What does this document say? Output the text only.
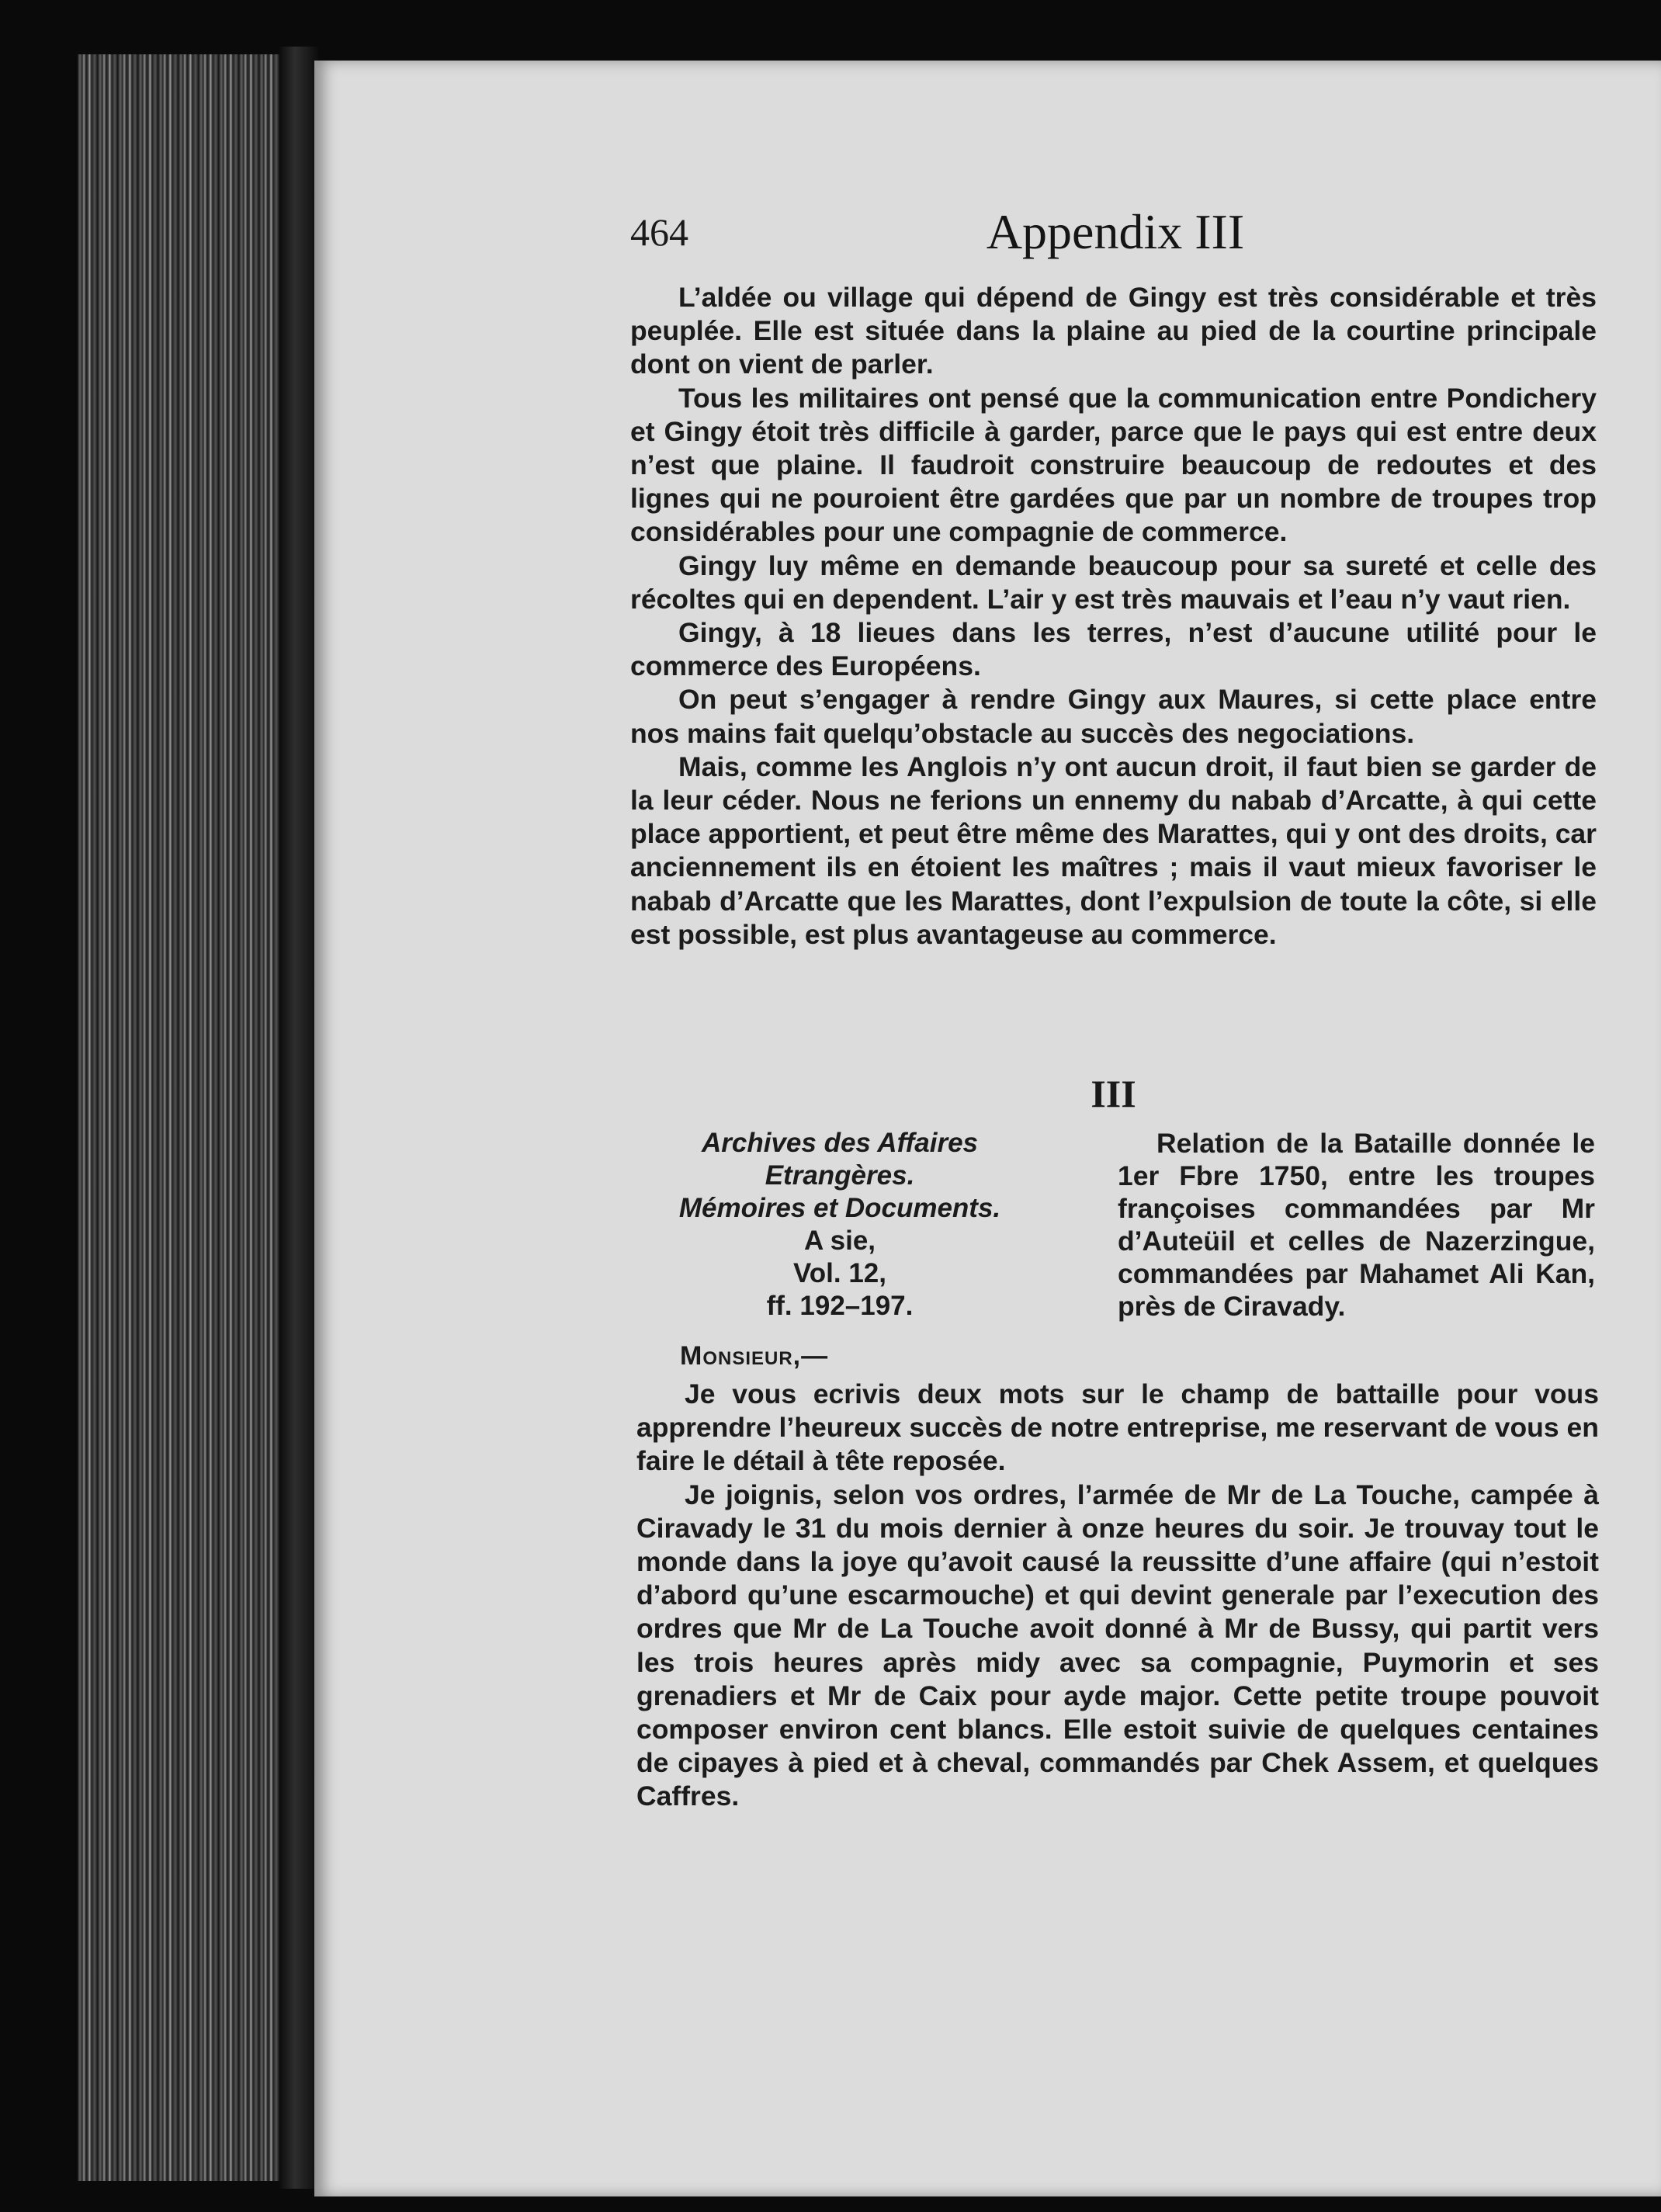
464	Appendix III

L’aldée ou village qui dépend de Gingy est très considérable et très peuplée. Elle est située dans la plaine au pied de la courtine principale dont on vient de parler.

Tous les militaires ont pensé que la communication entre Pondichery et Gingy étoit très difficile à garder, parce que le pays qui est entre deux n’est que plaine. Il faudroit construire beaucoup de redoutes et des lignes qui ne pouroient être gardées que par un nombre de troupes trop considérables pour une compagnie de commerce.

Gingy luy même en demande beaucoup pour sa sureté et celle des récoltes qui en dependent. L’air y est très mauvais et l’eau n’y vaut rien.

Gingy, à 18 lieues dans les terres, n’est d’aucune utilité pour le commerce des Européens.

On peut s’engager à rendre Gingy aux Maures, si cette place entre nos mains fait quelqu’obstacle au succès des negociations.

Mais, comme les Anglois n’y ont aucun droit, il faut bien se garder de la leur céder. Nous ne ferions un ennemy du nabab d’Arcatte, à qui cette place apportient, et peut être même des Marattes, qui y ont des droits, car anciennement ils en étoient les maîtres ; mais il vaut mieux favoriser le nabab d’Arcatte que les Marattes, dont l’expulsion de toute la côte, si elle est possible, est plus avantageuse au commerce.

III
Archives des Affaires Etrangères.
Mémoires et Documents.
A sie,
Vol. 12,
ff. 192–197.
Relation de la Bataille donnée le 1er Fbre 1750, entre les troupes françoises commandées par Mr d’Auteüil et celles de Nazerzingue, commandées par Mahamet Ali Kan, près de Ciravady.
Monsieur,—

Je vous ecrivis deux mots sur le champ de battaille pour vous apprendre l’heureux succès de notre entreprise, me reservant de vous en faire le détail à tête reposée.

Je joignis, selon vos ordres, l’armée de Mr de La Touche, campée à Ciravady le 31 du mois dernier à onze heures du soir. Je trouvay tout le monde dans la joye qu’avoit causé la reussitte d’une affaire (qui n’estoit d’abord qu’une escarmouche) et qui devint generale par l’execution des ordres que Mr de La Touche avoit donné à Mr de Bussy, qui partit vers les trois heures après midy avec sa compagnie, Puymorin et ses grenadiers et Mr de Caix pour ayde major. Cette petite troupe pouvoit composer environ cent blancs. Elle estoit suivie de quelques centaines de cipayes à pied et à cheval, commandés par Chek Assem, et quelques Caffres.
